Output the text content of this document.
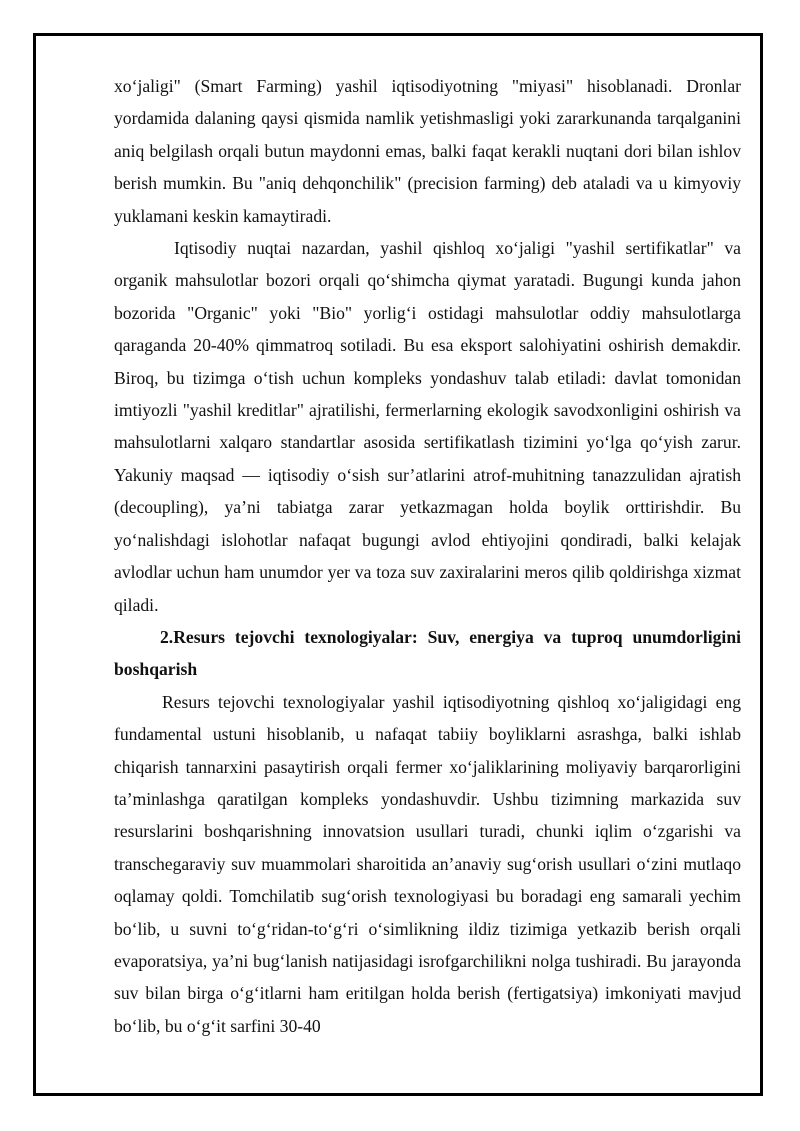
xo‘jaligi" (Smart Farming) yashil iqtisodiyotning "miyasi" hisoblanadi. Dronlar yordamida dalaning qaysi qismida namlik yetishmasligi yoki zararkunanda tarqalganini aniq belgilash orqali butun maydonni emas, balki faqat kerakli nuqtani dori bilan ishlov berish mumkin. Bu "aniq dehqonchilik" (precision farming) deb ataladi va u kimyoviy yuklamani keskin kamaytiradi.

Iqtisodiy nuqtai nazardan, yashil qishloq xo‘jaligi "yashil sertifikatlar" va organik mahsulotlar bozori orqali qo‘shimcha qiymat yaratadi. Bugungi kunda jahon bozorida "Organic" yoki "Bio" yorlig‘i ostidagi mahsulotlar oddiy mahsulotlarga qaraganda 20-40% qimmatroq sotiladi. Bu esa eksport salohiyatini oshirish demakdir. Biroq, bu tizimga o‘tish uchun kompleks yondashuv talab etiladi: davlat tomonidan imtiyozli "yashil kreditlar" ajratilishi, fermerlarning ekologik savodxonligini oshirish va mahsulotlarni xalqaro standartlar asosida sertifikatlash tizimini yo‘lga qo‘yish zarur. Yakuniy maqsad — iqtisodiy o‘sish sur’atlarini atrof-muhitning tanazzulidan ajratish (decoupling), ya’ni tabiatga zarar yetkazmagan holda boylik orttirishdir. Bu yo‘nalishdagi islohotlar nafaqat bugungi avlod ehtiyojini qondiradi, balki kelajak avlodlar uchun ham unumdor yer va toza suv zaxiralarini meros qilib qoldirishga xizmat qiladi.

2.Resurs tejovchi texnologiyalar: Suv, energiya va tuproq unumdorligini boshqarish

Resurs tejovchi texnologiyalar yashil iqtisodiyotning qishloq xo‘jaligidagi eng fundamental ustuni hisoblanib, u nafaqat tabiiy boyliklarni asrashga, balki ishlab chiqarish tannarxini pasaytirish orqali fermer xo‘jaliklarining moliyaviy barqarorligini ta’minlashga qaratilgan kompleks yondashuvdir. Ushbu tizimning markazida suv resurslarini boshqarishning innovatsion usullari turadi, chunki iqlim o‘zgarishi va transchegaraviy suv muammolari sharoitida an’anaviy sug‘orish usullari o‘zini mutlaqo oqlamay qoldi. Tomchilatib sug‘orish texnologiyasi bu boradagi eng samarali yechim bo‘lib, u suvni to‘g‘ridan-to‘g‘ri o‘simlikning ildiz tizimiga yetkazib berish orqali evaporatsiya, ya’ni bug‘lanish natijasidagi isrofgarchilikni nolga tushiradi. Bu jarayonda suv bilan birga o‘g‘itlarni ham eritilgan holda berish (fertigatsiya) imkoniyati mavjud bo‘lib, bu o‘g‘it sarfini 30-40
